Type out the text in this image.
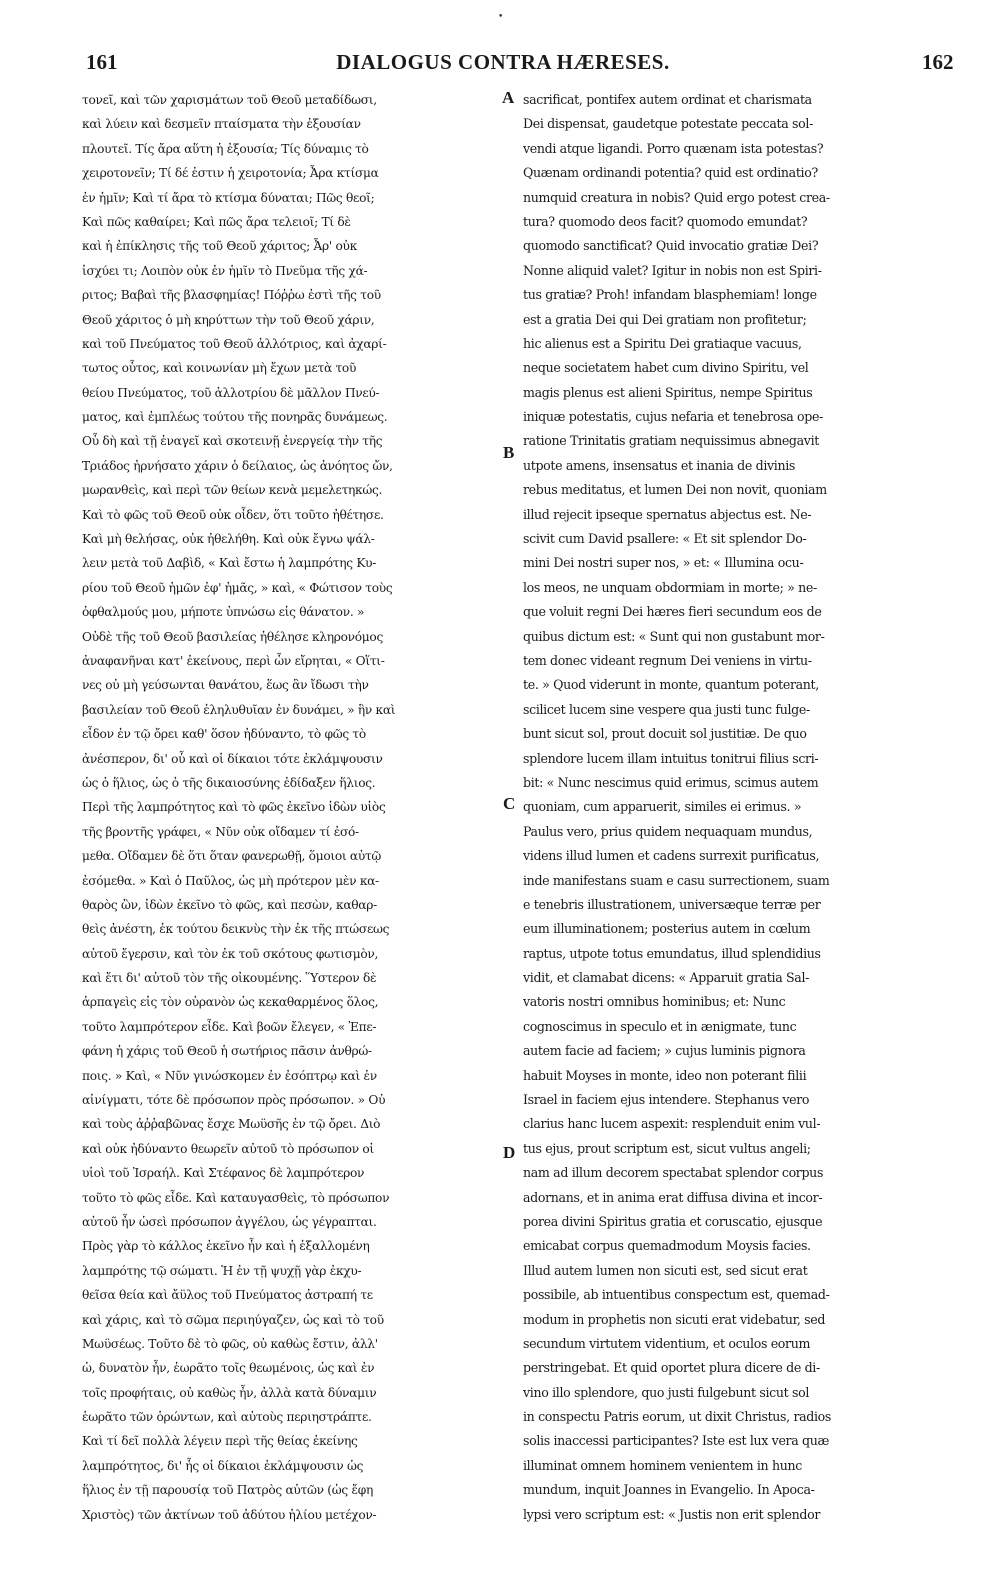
•
DIALOGUS CONTRA HÆRESES.
161	162
τονεῖ, καὶ τῶν χαρισμάτων τοῦ Θεοῦ μεταδίδωσι,
καὶ λύειν καὶ δεσμεῖν πταίσματα τὴν ἐξουσίαν
πλουτεῖ. Τίς ἄρα αὕτη ἡ ἐξουσία; Τίς δύναμις τὸ
χειροτονεῖν; Τί δέ ἐστιν ἡ χειροτονία; Ἆρα κτίσμα
ἐν ἡμῖν; Καὶ τί ἄρα τὸ κτίσμα δύναται; Πῶς θεοῖ;
Καὶ πῶς καθαίρει; Καὶ πῶς ἄρα τελειοῖ; Τί δὲ
καὶ ἡ ἐπίκλησις τῆς τοῦ Θεοῦ χάριτος; Ἆρ' οὐκ
ἰσχύει τι; Λοιπὸν οὐκ ἐν ἡμῖν τὸ Πνεῦμα τῆς χά-
ριτος; Βαβαὶ τῆς βλασφημίας! Πόῤῥω ἐστὶ τῆς τοῦ
Θεοῦ χάριτος ὁ μὴ κηρύττων τὴν τοῦ Θεοῦ χάριν,
καὶ τοῦ Πνεύματος τοῦ Θεοῦ ἀλλότριος, καὶ ἀχαρί-
τωτος οὗτος, καὶ κοινωνίαν μὴ ἔχων μετὰ τοῦ
θείου Πνεύματος, τοῦ ἀλλοτρίου δὲ μᾶλλον Πνεύ-
ματος, καὶ ἐμπλέως τούτου τῆς πονηρᾶς δυνάμεως.
Οὗ δὴ καὶ τῇ ἐναγεῖ καὶ σκοτεινῇ ἐνεργείᾳ τὴν τῆς
Τριάδος ἠρνήσατο χάριν ὁ δείλαιος, ὡς ἀνόητος ὤν,
μωρανθεὶς, καὶ περὶ τῶν θείων κενὰ μεμελετηκώς.
Καὶ τὸ φῶς τοῦ Θεοῦ οὐκ οἶδεν, ὅτι τοῦτο ἠθέτησε.
Καὶ μὴ θελήσας, οὐκ ἠθελήθη. Καὶ οὐκ ἔγνω ψάλ-
λειν μετὰ τοῦ Δαβὶδ, « Καὶ ἔστω ἡ λαμπρότης Κυ-
ρίου τοῦ Θεοῦ ἡμῶν ἐφ' ἡμᾶς, » καὶ, « Φώτισον τοὺς
ὀφθαλμούς μου, μήποτε ὑπνώσω εἰς θάνατον. »
Οὐδὲ τῆς τοῦ Θεοῦ βασιλείας ἠθέλησε κληρονόμος
ἀναφανῆναι κατ' ἐκείνους, περὶ ὧν εἴρηται, « Οἵτι-
νες οὐ μὴ γεύσωνται θανάτου, ἕως ἂν ἴδωσι τὴν
βασιλείαν τοῦ Θεοῦ ἐληλυθυῖαν ἐν δυνάμει, » ἣν καὶ
εἶδον ἐν τῷ ὄρει καθ' ὅσον ἠδύναντο, τὸ φῶς τὸ
ἀνέσπερον, δι' οὗ καὶ οἱ δίκαιοι τότε ἐκλάμψουσιν
ὡς ὁ ἥλιος, ὡς ὁ τῆς δικαιοσύνης ἐδίδαξεν ἥλιος.
Περὶ τῆς λαμπρότητος καὶ τὸ φῶς ἐκεῖνο ἰδὼν υἱὸς
τῆς βροντῆς γράφει, « Νῦν οὐκ οἴδαμεν τί ἐσό-
μεθα. Οἴδαμεν δὲ ὅτι ὅταν φανερωθῇ, ὅμοιοι αὐτῷ
ἐσόμεθα. » Καὶ ὁ Παῦλος, ὡς μὴ πρότερον μὲν κα-
θαρὸς ὢν, ἰδὼν ἐκεῖνο τὸ φῶς, καὶ πεσὼν, καθαρ-
θεὶς ἀνέστη, ἐκ τούτου δεικνὺς τὴν ἐκ τῆς πτώσεως
αὐτοῦ ἔγερσιν, καὶ τὸν ἐκ τοῦ σκότους φωτισμὸν,
καὶ ἔτι δι' αὐτοῦ τὸν τῆς οἰκουμένης. Ὕστερον δὲ
ἁρπαγεὶς εἰς τὸν οὐρανὸν ὡς κεκαθαρμένος ὅλος,
τοῦτο λαμπρότερον εἶδε. Καὶ βοῶν ἔλεγεν, « Ἐπε-
φάνη ἡ χάρις τοῦ Θεοῦ ἡ σωτήριος πᾶσιν ἀνθρώ-
ποις. » Καὶ, « Νῦν γινώσκομεν ἐν ἐσόπτρῳ καὶ ἐν
αἰνίγματι, τότε δὲ πρόσωπον πρὸς πρόσωπον. » Οὐ
καὶ τοὺς ἀῤῥαβῶνας ἔσχε Μωϋσῆς ἐν τῷ ὄρει. Διὸ
καὶ οὐκ ἠδύναντο θεωρεῖν αὐτοῦ τὸ πρόσωπον οἱ
υἱοὶ τοῦ Ἰσραήλ. Καὶ Στέφανος δὲ λαμπρότερον
τοῦτο τὸ φῶς εἶδε. Καὶ καταυγασθεὶς, τὸ πρόσωπον
αὐτοῦ ἦν ὡσεὶ πρόσωπον ἀγγέλου, ὡς γέγραπται.
Πρὸς γὰρ τὸ κάλλος ἐκεῖνο ἦν καὶ ἡ ἐξαλλομένη
λαμπρότης τῷ σώματι. Ἡ ἐν τῇ ψυχῇ γὰρ ἐκχυ-
θεῖσα θεία καὶ ἄϋλος τοῦ Πνεύματος ἀστραπή τε
καὶ χάρις, καὶ τὸ σῶμα περιηύγαζεν, ὡς καὶ τὸ τοῦ
Μωϋσέως. Τοῦτο δὲ τὸ φῶς, οὐ καθὼς ἔστιν, ἀλλ'
ὡ, δυνατὸν ἦν, ἑωρᾶτο τοῖς θεωμένοις, ὡς καὶ ἐν
τοῖς προφήταις, οὐ καθὼς ἦν, ἀλλὰ κατὰ δύναμιν
ἑωρᾶτο τῶν ὁρώντων, καὶ αὐτοὺς περιηστράπτε.
Καὶ τί δεῖ πολλὰ λέγειν περὶ τῆς θείας ἐκείνης
λαμπρότητος, δι' ἧς οἱ δίκαιοι ἐκλάμψουσιν ὡς
ἥλιος ἐν τῇ παρουσίᾳ τοῦ Πατρὸς αὐτῶν (ὡς ἔφη
Χριστὸς) τῶν ἀκτίνων τοῦ ἀδύτου ἡλίου μετέχον-
sacrificat, pontifex autem ordinat et charismata
Dei dispensat, gaudetque potestate peccata sol-
vendi atque ligandi. Porro quænam ista potestas?
Quænam ordinandi potentia? quid est ordinatio?
numquid creatura in nobis? Quid ergo potest crea-
tura? quomodo deos facit? quomodo emundat?
quomodo sanctificat? Quid invocatio gratiæ Dei?
Nonne aliquid valet? Igitur in nobis non est Spiri-
tus gratiæ? Proh! infandam blasphemiam! longe
est a gratia Dei qui Dei gratiam non profitetur;
hic alienus est a Spiritu Dei gratiaque vacuus,
neque societatem habet cum divino Spiritu, vel
magis plenus est alieni Spiritus, nempe Spiritus
iniquæ potestatis, cujus nefaria et tenebrosa ope-
ratione Trinitatis gratiam nequissimus abnegavit
utpote amens, insensatus et inania de divinis
rebus meditatus, et lumen Dei non novit, quoniam
illud rejecit ipseque spernatus abjectus est. Ne-
scivit cum David psallere: « Et sit splendor Do-
mini Dei nostri super nos, » et: « Illumina ocu-
los meos, ne unquam obdormiam in morte; » ne-
que voluit regni Dei hæres fieri secundum eos de
quibus dictum est: « Sunt qui non gustabunt mor-
tem donec videant regnum Dei veniens in virtu-
te. » Quod viderunt in monte, quantum poterant,
scilicet lucem sine vespere qua justi tunc fulge-
bunt sicut sol, prout docuit sol justitiæ. De quo
splendore lucem illam intuitus tonitrui filius scri-
bit: « Nunc nescimus quid erimus, scimus autem
quoniam, cum apparuerit, similes ei erimus. »
Paulus vero, prius quidem nequaquam mundus,
videns illud lumen et cadens surrexit purificatus,
inde manifestans suam e casu surrectionem, suam
e tenebris illustrationem, universæque terræ per
eum illuminationem; posterius autem in cœlum
raptus, utpote totus emundatus, illud splendidius
vidit, et clamabat dicens: « Apparuit gratia Sal-
vatoris nostri omnibus hominibus; et: Nunc
cognoscimus in speculo et in ænigmate, tunc
autem facie ad faciem; » cujus luminis pignora
habuit Moyses in monte, ideo non poterant filii
Israel in faciem ejus intendere. Stephanus vero
clarius hanc lucem aspexit: resplenduit enim vul-
tus ejus, prout scriptum est, sicut vultus angeli;
nam ad illum decorem spectabat splendor corpus
adornans, et in anima erat diffusa divina et incor-
porea divini Spiritus gratia et coruscatio, ejusque
emicabat corpus quemadmodum Moysis facies.
Illud autem lumen non sicuti est, sed sicut erat
possibile, ab intuentibus conspectum est, quemad-
modum in prophetis non sicuti erat videbatur, sed
secundum virtutem videntium, et oculos eorum
perstringebat. Et quid oportet plura dicere de di-
vino illo splendore, quo justi fulgebunt sicut sol
in conspectu Patris eorum, ut dixit Christus, radios
solis inaccessi participantes? Iste est lux vera quæ
illuminat omnem hominem venientem in hunc
mundum, inquit Joannes in Evangelio. In Apoca-
lypsi vero scriptum est: « Justis non erit splendor
A
B
C
D
